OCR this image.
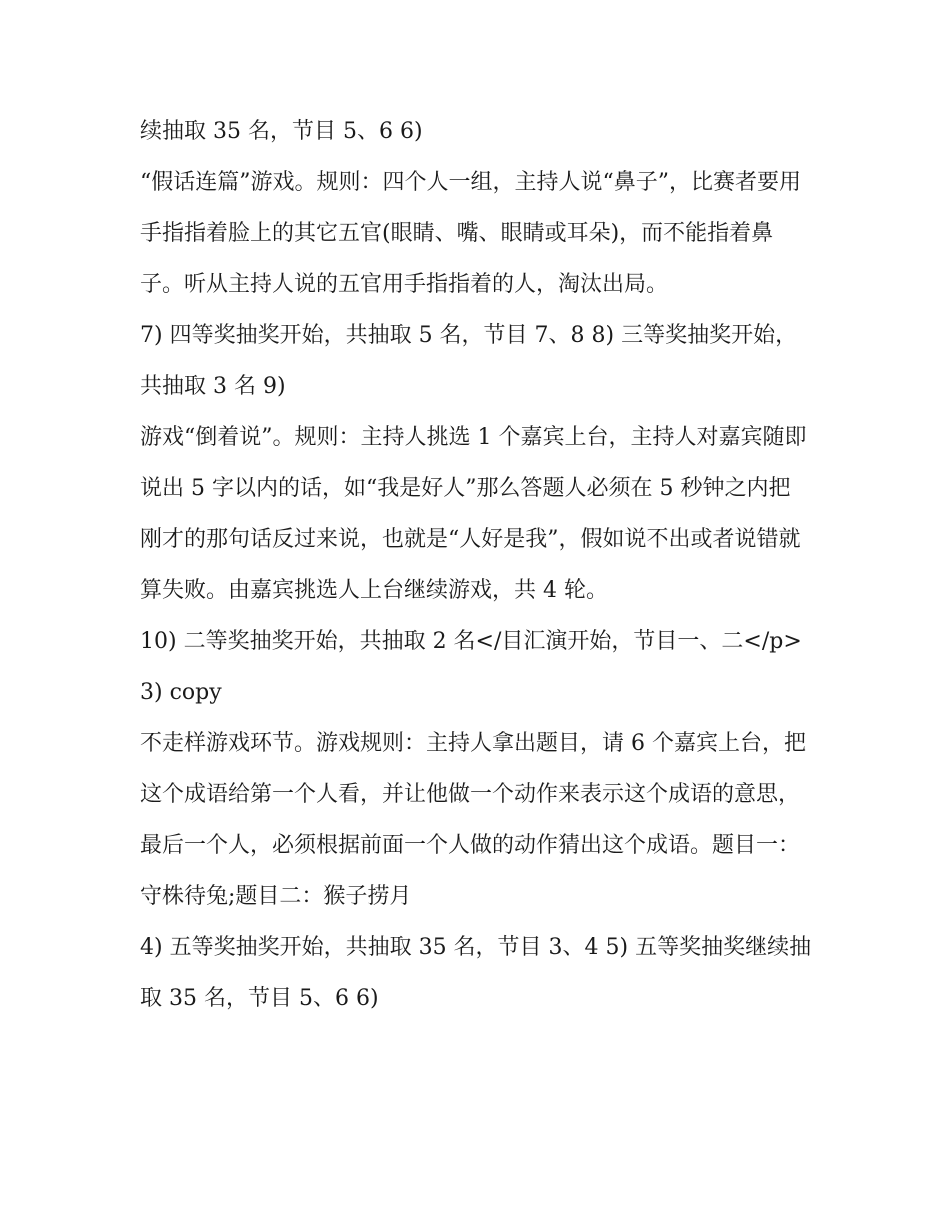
续抽取 35 名，节目 5、6 6)

“假话连篇”游戏。规则：四个人一组，主持人说“鼻子”，比赛者要用手指指着脸上的其它五官(眼睛、嘴、眼睛或耳朵)，而不能指着鼻子。听从主持人说的五官用手指指着的人，淘汰出局。

7) 四等奖抽奖开始，共抽取 5 名，节目 7、8 8) 三等奖抽奖开始，共抽取 3 名 9)

游戏“倒着说”。规则：主持人挑选 1 个嘉宾上台，主持人对嘉宾随即说出 5 字以内的话，如“我是好人”那么答题人必须在 5 秒钟之内把刚才的那句话反过来说，也就是“人好是我”，假如说不出或者说错就算失败。由嘉宾挑选人上台继续游戏，共 4 轮。

10) 二等奖抽奖开始，共抽取 2 名</目汇演开始，节目一、二</p> 3) copy

不走样游戏环节。游戏规则：主持人拿出题目，请 6 个嘉宾上台，把这个成语给第一个人看，并让他做一个动作来表示这个成语的意思，最后一个人，必须根据前面一个人做的动作猜出这个成语。题目一：守株待兔;题目二：猴子捞月

4) 五等奖抽奖开始，共抽取 35 名，节目 3、4 5) 五等奖抽奖继续抽取 35 名，节目 5、6 6)
